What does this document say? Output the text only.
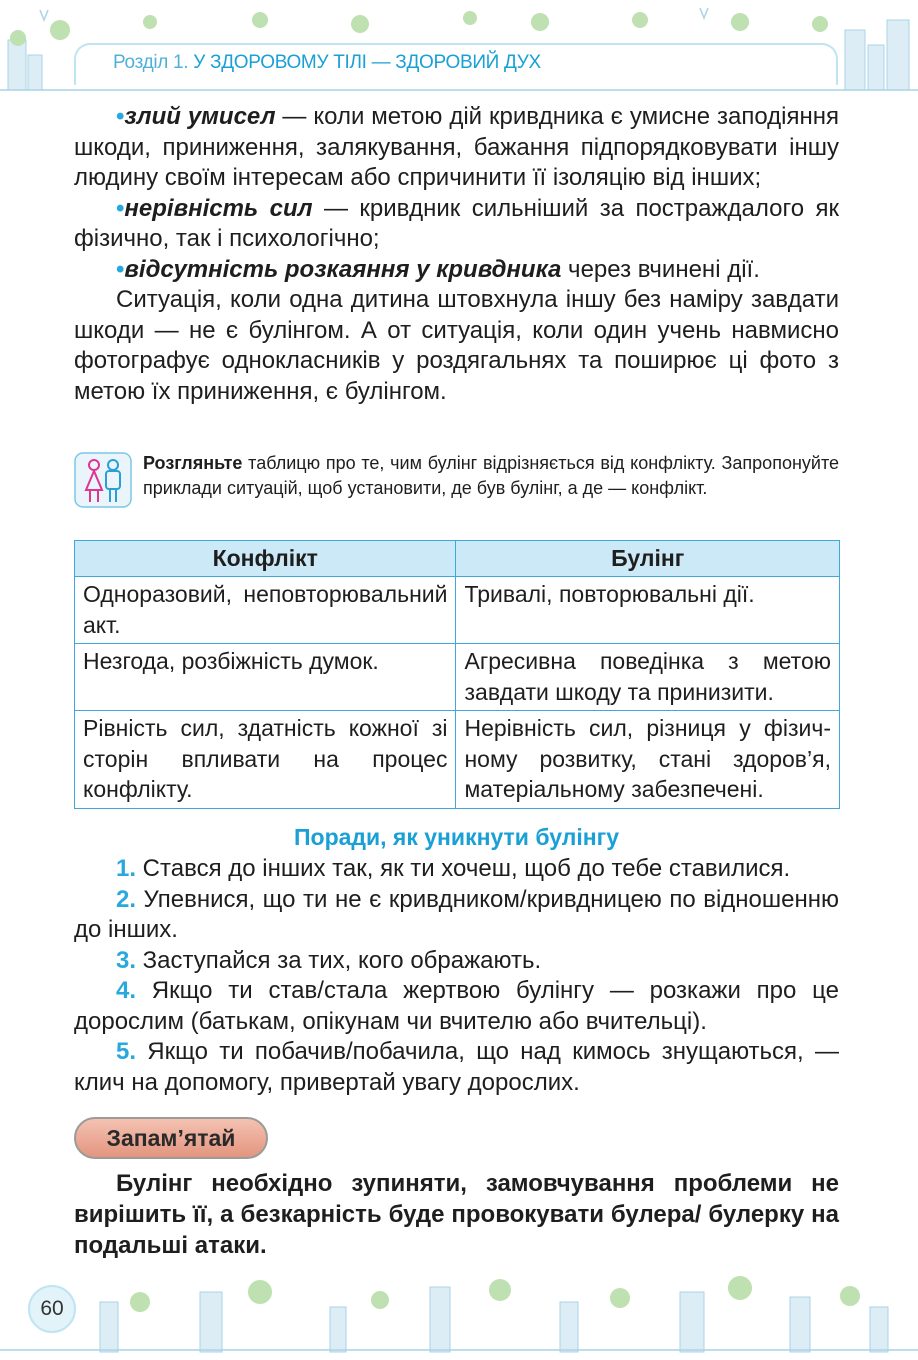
Розділ 1. У ЗДОРОВОМУ ТІЛІ — ЗДОРОВИЙ ДУХ

•злий умисел — коли метою дій кривдника є умисне заподіяння шкоди, приниження, залякування, бажання підпорядковувати іншу людину своїм інтересам або спричинити її ізоляцію від інших;

•нерівність сил — кривдник сильніший за постраждалого як фізично, так і психологічно;

•відсутність розкаяння у кривдника через вчинені дії.

Ситуація, коли одна дитина штовхнула іншу без наміру завдати шкоди — не є булінгом. А от ситуація, коли один учень навмисно фотографує однокласників у роздягальнях та поширює ці фото з метою їх приниження, є булінгом.

Розгляньте таблицю про те, чим булінг відрізняється від конфлікту. Запропонуйте приклади ситуацій, щоб установити, де був булінг, а де — конфлікт.

Конфлікт	Булінг
Одноразовий, неповторювальний акт.	Тривалі, повторювальні дії.
Незгода, розбіжність думок.	Агресивна поведінка з метою завдати шкоду та принизити.
Рівність сил, здатність кожної зі сторін впливати на процес конфлікту.	Нерівність сил, різниця у фізичному розвитку, стані здоров’я, матеріальному забезпечені.
Поради, як уникнути булінгу

1. Стався до інших так, як ти хочеш, щоб до тебе ставилися.

2. Упевнися, що ти не є кривдником/кривдницею по відношенню до інших.

3. Заступайся за тих, кого ображають.

4. Якщо ти став/стала жертвою булінгу — розкажи про це дорослим (батькам, опікунам чи вчителю або вчительці).

5. Якщо ти побачив/побачила, що над кимось знущаються, — клич на допомогу, привертай увагу дорослих.

Запам’ятай

Булінг необхідно зупиняти, замовчування проблеми не вирішить її, а безкарність буде провокувати булера/ булерку на подальші атаки.

60
